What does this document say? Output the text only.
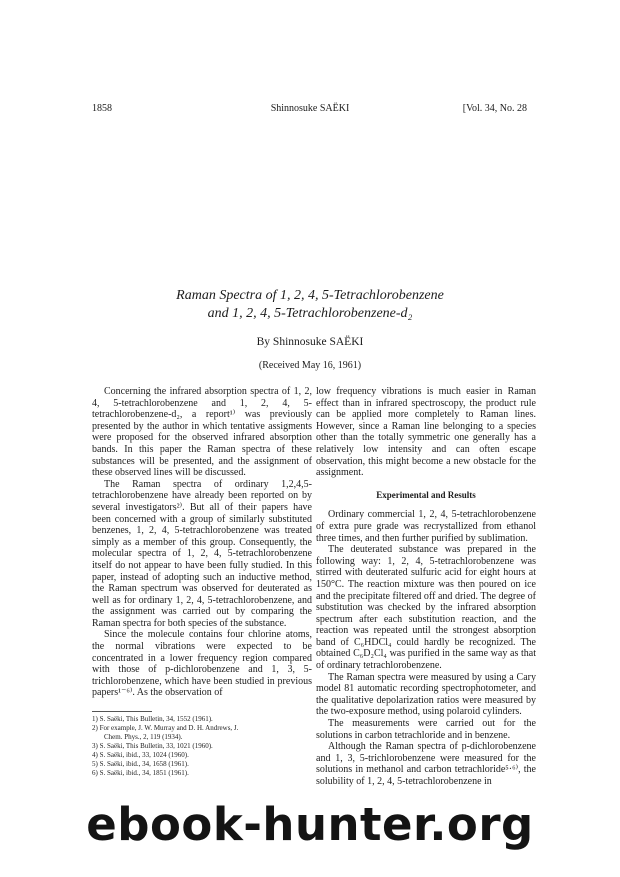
1858	Shinnosuke SAËKI	[Vol. 34, No. 28
Raman Spectra of 1, 2, 4, 5-Tetrachlorobenzene
and 1, 2, 4, 5-Tetrachlorobenzene-d₂
By Shinnosuke SAËKI
(Received May 16, 1961)

Concerning the infrared absorption spectra of 1, 2, 4, 5-tetrachlorobenzene and 1, 2, 4, 5-tetrachlorobenzene-d₂, a report¹⁾ was previously presented by the author in which tentative assigments were proposed for the observed infrared absorption bands. In this paper the Raman spectra of these substances will be presented, and the assignment of these observed lines will be discussed.

The Raman spectra of ordinary 1,2,4,5-tetrachlorobenzene have already been reported on by several investigators²⁾. But all of their papers have been concerned with a group of similarly substituted benzenes, 1, 2, 4, 5-tetrachlorobenzene was treated simply as a member of this group. Consequently, the molecular spectra of 1, 2, 4, 5-tetrachlorobenzene itself do not appear to have been fully studied. In this paper, instead of adopting such an inductive method, the Raman spectrum was observed for deuterated as well as for ordinary 1, 2, 4, 5-tetrachlorobenzene, and the assignment was carried out by comparing the Raman spectra for both species of the substance.

Since the molecule contains four chlorine atoms, the normal vibrations were expected to be concentrated in a lower frequency region compared with those of p-dichlorobenzene and 1, 3, 5-trichlorobenzene, which have been studied in previous papers¹⁻⁶⁾. As the observation of

1) S. Saëki, This Bulletin, 34, 1552 (1961).
2) For example, J. W. Murray and D. H. Andrews, J.
Chem. Phys., 2, 119 (1934).
3) S. Saëki, This Bulletin, 33, 1021 (1960).
4) S. Saëki, ibid., 33, 1024 (1960).
5) S. Saëki, ibid., 34, 1658 (1961).
6) S. Saëki, ibid., 34, 1851 (1961).

low frequency vibrations is much easier in Raman effect than in infrared spectroscopy, the product rule can be applied more completely to Raman lines. However, since a Raman line belonging to a species other than the totally symmetric one generally has a relatively low intensity and can often escape observation, this might become a new obstacle for the assignment.

Experimental and Results

Ordinary commercial 1, 2, 4, 5-tetrachlorobenzene of extra pure grade was recrystallized from ethanol three times, and then further purified by sublimation.

The deuterated substance was prepared in the following way: 1, 2, 4, 5-tetrachlorobenzene was stirred with deuterated sulfuric acid for eight hours at 150°C. The reaction mixture was then poured on ice and the precipitate filtered off and dried. The degree of substitution was checked by the infrared absorption spectrum after each substitution reaction, and the reaction was repeated until the strongest absorption band of C₆HDCl₄ could hardly be recognized. The obtained C₆D₂Cl₄ was purified in the same way as that of ordinary tetrachlorobenzene.

The Raman spectra were measured by using a Cary model 81 automatic recording spectrophotometer, and the qualitative depolarization ratios were measured by the two-exposure method, using polaroid cylinders.

The measurements were carried out for the solutions in carbon tetrachloride and in benzene.

Although the Raman spectra of p-dichlorobenzene and 1, 3, 5-trichlorobenzene were measured for the solutions in methanol and carbon tetrachloride⁵·⁶⁾, the solubility of 1, 2, 4, 5-tetrachlorobenzene in

ebook-hunter.org
